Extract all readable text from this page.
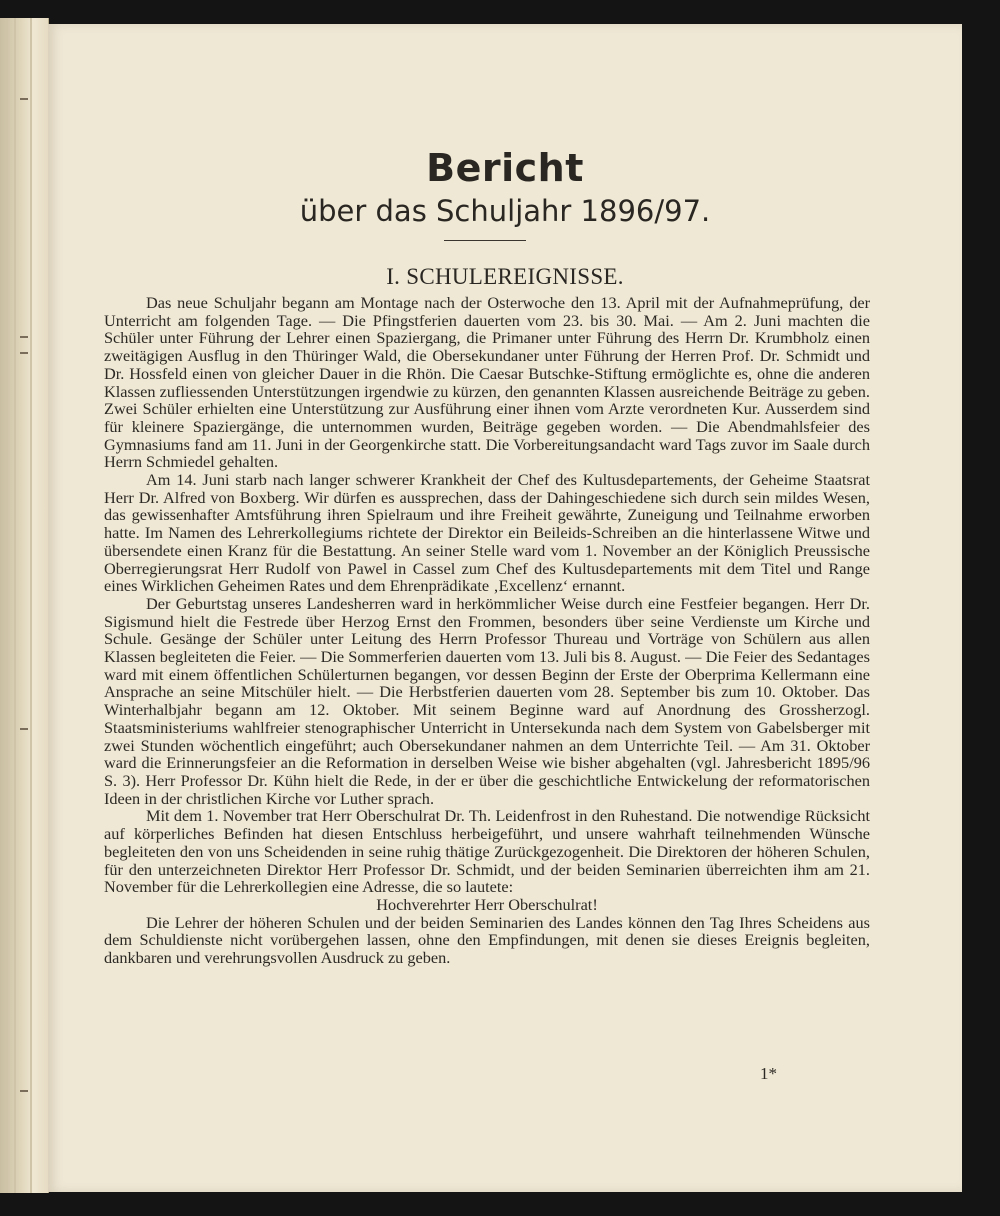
Bericht
über das Schuljahr 1896/97.
I. SCHULEREIGNISSE.

Das neue Schuljahr begann am Montage nach der Osterwoche den 13. April mit der Aufnahmeprüfung, der Unterricht am folgenden Tage. — Die Pfingstferien dauerten vom 23. bis 30. Mai. — Am 2. Juni machten die Schüler unter Führung der Lehrer einen Spaziergang, die Primaner unter Führung des Herrn Dr. Krumbholz einen zweitägigen Ausflug in den Thüringer Wald, die Obersekundaner unter Führung der Herren Prof. Dr. Schmidt und Dr. Hossfeld einen von gleicher Dauer in die Rhön. Die Caesar Butschke-Stiftung ermöglichte es, ohne die anderen Klassen zufliessenden Unterstützungen irgendwie zu kürzen, den genannten Klassen ausreichende Beiträge zu geben. Zwei Schüler erhielten eine Unterstützung zur Ausführung einer ihnen vom Arzte verordneten Kur. Ausserdem sind für kleinere Spaziergänge, die unternommen wurden, Beiträge gegeben worden. — Die Abendmahlsfeier des Gymnasiums fand am 11. Juni in der Georgenkirche statt. Die Vorbereitungsandacht ward Tags zuvor im Saale durch Herrn Schmiedel gehalten.

Am 14. Juni starb nach langer schwerer Krankheit der Chef des Kultusdepartements, der Geheime Staatsrat Herr Dr. Alfred von Boxberg. Wir dürfen es aussprechen, dass der Dahingeschiedene sich durch sein mildes Wesen, das gewissenhafter Amtsführung ihren Spielraum und ihre Freiheit gewährte, Zuneigung und Teilnahme erworben hatte. Im Namen des Lehrerkollegiums richtete der Direktor ein Beileids-Schreiben an die hinterlassene Witwe und übersendete einen Kranz für die Bestattung. An seiner Stelle ward vom 1. November an der Königlich Preussische Oberregierungsrat Herr Rudolf von Pawel in Cassel zum Chef des Kultusdepartements mit dem Titel und Range eines Wirklichen Geheimen Rates und dem Ehrenprädikate ‚Excellenz‘ ernannt.

Der Geburtstag unseres Landesherren ward in herkömmlicher Weise durch eine Festfeier begangen. Herr Dr. Sigismund hielt die Festrede über Herzog Ernst den Frommen, besonders über seine Verdienste um Kirche und Schule. Gesänge der Schüler unter Leitung des Herrn Professor Thureau und Vorträge von Schülern aus allen Klassen begleiteten die Feier. — Die Sommerferien dauerten vom 13. Juli bis 8. August. — Die Feier des Sedantages ward mit einem öffentlichen Schülerturnen begangen, vor dessen Beginn der Erste der Oberprima Kellermann eine Ansprache an seine Mitschüler hielt. — Die Herbstferien dauerten vom 28. September bis zum 10. Oktober. Das Winterhalbjahr begann am 12. Oktober. Mit seinem Beginne ward auf Anordnung des Grossherzogl. Staatsministeriums wahlfreier stenographischer Unterricht in Untersekunda nach dem System von Gabelsberger mit zwei Stunden wöchentlich eingeführt; auch Obersekundaner nahmen an dem Unterrichte Teil. — Am 31. Oktober ward die Erinnerungsfeier an die Reformation in derselben Weise wie bisher abgehalten (vgl. Jahresbericht 1895/96 S. 3). Herr Professor Dr. Kühn hielt die Rede, in der er über die geschichtliche Entwickelung der reformatorischen Ideen in der christlichen Kirche vor Luther sprach.

Mit dem 1. November trat Herr Oberschulrat Dr. Th. Leidenfrost in den Ruhestand. Die notwendige Rücksicht auf körperliches Befinden hat diesen Entschluss herbeigeführt, und unsere wahrhaft teilnehmenden Wünsche begleiteten den von uns Scheidenden in seine ruhig thätige Zurückgezogenheit. Die Direktoren der höheren Schulen, für den unterzeichneten Direktor Herr Professor Dr. Schmidt, und der beiden Seminarien überreichten ihm am 21. November für die Lehrerkollegien eine Adresse, die so lautete:

Hochverehrter Herr Oberschulrat!

Die Lehrer der höheren Schulen und der beiden Seminarien des Landes können den Tag Ihres Scheidens aus dem Schuldienste nicht vorübergehen lassen, ohne den Empfindungen, mit denen sie dieses Ereignis begleiten, dankbaren und verehrungsvollen Ausdruck zu geben.

1*
